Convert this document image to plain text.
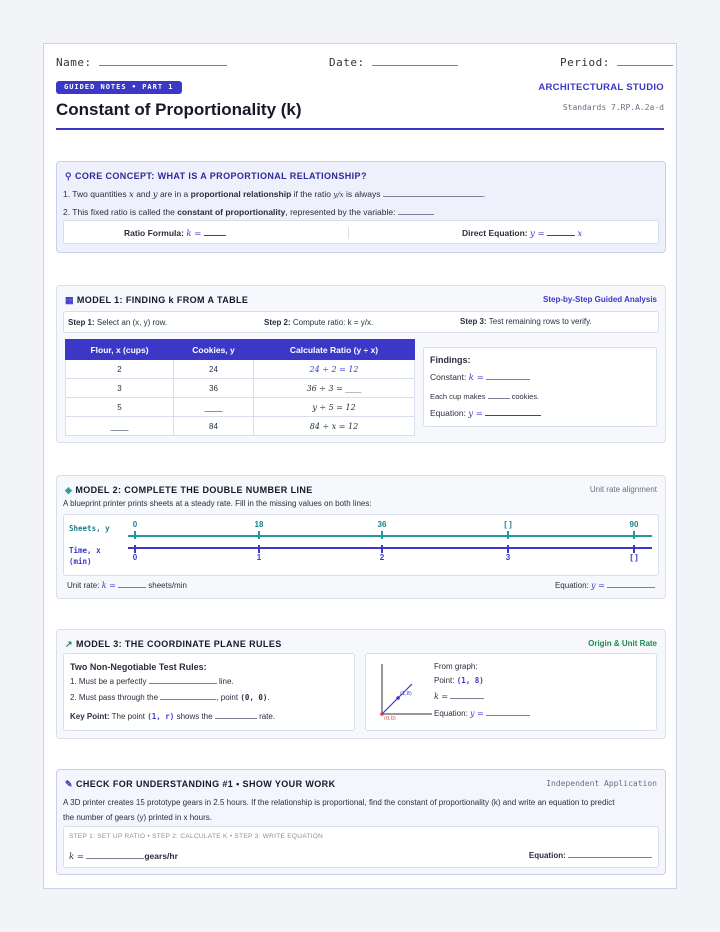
Name:	Date:	Period:
GUIDED NOTES • PART 1	ARCHITECTURAL STUDIO
Constant of Proportionality (k)	Standards 7.RP.A.2a-d
⚲ CORE CONCEPT: WHAT IS A PROPORTIONAL RELATIONSHIP?
1. Two quantities x and y are in a proportional relationship if the ratio y/x is always	.
2. This fixed ratio is called the constant of proportionality, represented by the variable:
Ratio Formula: k =	Direct Equation: y =	x
▦ MODEL 1: FINDING k FROM A TABLE	Step-by-Step Guided Analysis
Step 1: Select an (x, y) row.	Step 2: Compute ratio: k = y/x.	Step 3: Test remaining rows to verify.
Flour, x (cups)	Cookies, y	Calculate Ratio (y ÷ x)
2	24	24 ÷ 2 = 12
3	36	36 ÷ 3 = ____
5	____	y ÷ 5 = 12
____	84	84 ÷ x = 12
Findings:
Constant: k =
Each cup makes	cookies.
Equation: y =
◈ MODEL 2: COMPLETE THE DOUBLE NUMBER LINE	Unit rate alignment
A blueprint printer prints sheets at a steady rate. Fill in the missing values on both lines:
Sheets, y
Time, x
(min)
0
0
18
1
36
2
[ ]
3
90
[ ]
Unit rate: k =	sheets/min	Equation: y =
↗ MODEL 3: THE COORDINATE PLANE RULES	Origin & Unit Rate
Two Non-Negotiable Test Rules:
1. Must be a perfectly	line.
2. Must pass through the	, point (0, 0).
Key Point: The point (1, r) shows the	rate.
(1,8)
(0,0)
From graph:
Point: (1, 8)
k =
Equation: y =
✎ CHECK FOR UNDERSTANDING #1 • SHOW YOUR WORK	Independent Application
A 3D printer creates 15 prototype gears in 2.5 hours. If the relationship is proportional, find the constant of proportionality (k) and write an equation to predict
the number of gears (y) printed in x hours.
STEP 1: SET UP RATIO • STEP 2: CALCULATE K • STEP 3: WRITE EQUATION
k =	gears/hr	Equation:
